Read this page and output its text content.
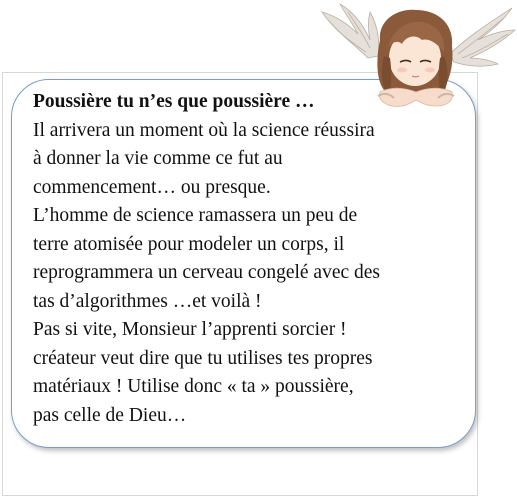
Poussière tu n’es que poussière …
Il arrivera un moment où la science réussira
à donner la vie comme ce fut au
commencement… ou presque.
L’homme de science ramassera un peu de
terre atomisée pour modeler un corps, il
reprogrammera un cerveau congelé avec des
tas d’algorithmes …et voilà !
Pas si vite, Monsieur l’apprenti sorcier !
créateur veut dire que tu utilises tes propres
matériaux ! Utilise donc « ta » poussière,
pas celle de Dieu…
